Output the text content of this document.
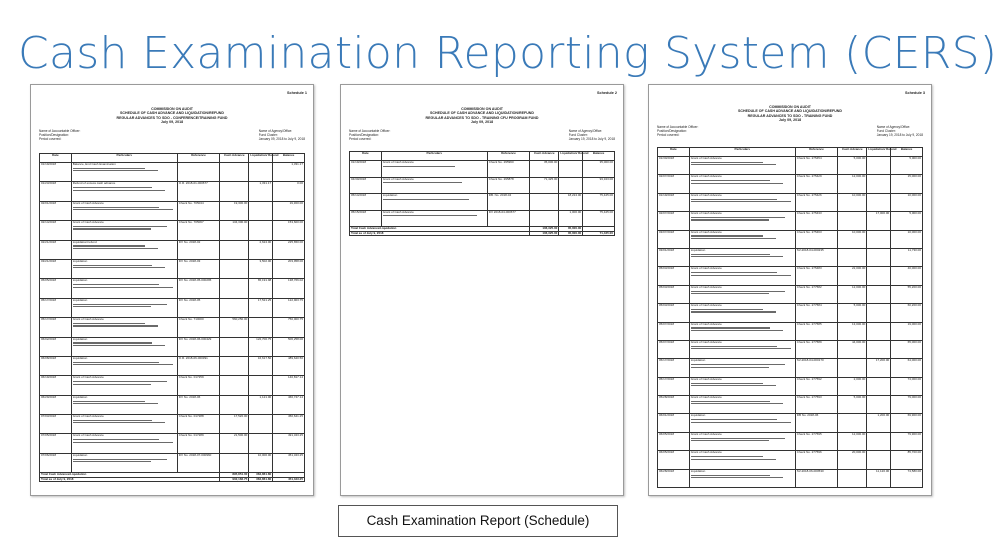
Cash Examination Reporting System (CERS)
Schedule 1
COMMISSION ON AUDIT
SCHEDULE OF CASH ADVANCE AND LIQUIDATION/REFUND
REGULAR ADVANCES TO SDO - CONFERENCE/TRAINING FUND
July 09, 2018
Name of Accountable Officer:
Position/Designation:
Period covered:
Name of Agency/Office:
Fund Cluster:
January 09, 2018 to July 9, 2018
Date	Particulars	Reference	Cash Advance	Liquidation/ Refund	Balance
01/19/2018	Balance, End Cash Examination				1,331.17
01/23/2018	Refund of excess cash advance	O.R. 2018-01-000677		1,331.17	0.00
02/01/2018	Grant of Cash Advance	Check No. 705044	19,300.00		19,300.00
02/14/2018	Grant of Cash Advance	Check No. 705067	134,300.00		153,600.00
02/21/2018	Liquidation/refund	DV No. 2018-02		2,624.00	225,650.00
03/21/2018	Liquidation	DV No. 2018-03		3,502.00	203,958.00
05/05/2018	Liquidation	DV No. 2018-05-000295		65,191.98	138,766.02
05/17/2018	Liquidation	DV No. 2018-05		17,521.25	122,903.75
05/17/2018	Grant of Cash Advance	Check No. 710000	560,250.00		750,000.75
06/02/2018	Liquidation	DV No. 2018-06-000429		122,700.75	506,258.00
06/08/2018	Liquidation	O.R. 2018-06-000391		16,617.50	489,640.50
06/19/2018	Grant of Cash Advance	Check No. 017259			140,817.14
06/29/2018	Liquidation	DV No. 2018-06		1,121.00	466,747.14
07/03/2018	Grant of Cash Advance	Check No. 017288	17,520.00		450,641.25
07/05/2018	Grant of Cash Advance	Check No. 017289	21,500.00		491,343.25
07/06/2018	Liquidation	DV No. 2018-07-000960		10,000.00	451,343.25
Total Cash Advance/Liquidation			895,851.00	384,861.80	
Total as of July 9, 2018			902,182.75	384,861.80	451,343.25
Schedule 2
COMMISSION ON AUDIT
SCHEDULE OF CASH ADVANCE AND LIQUIDATION/REFUND
REGULAR ADVANCES TO SDO - TRAINING CFU PROGRAM FUND
July 09, 2018
Name of Accountable Officer:
Position/Designation:
Period covered:
Name of Agency/Office:
Fund Cluster:
January 19, 2018 to July 9, 2018
Date	Particulars	Reference	Cash Advance	Liquidation/ Refund	Balance
01/19/2018	Grant of Cash Advance	Check No. 295960	35,000.00		35,000.00
04/30/2018	Grant of Cash Advance	Check No. 295878	71,425.00		93,323.00
05/14/2018	Liquidation	DB. No. 2018-04		18,224.00	75,425.00
05/15/2018	Grant of Cash Advance	DV 2018-04-000677		1,000.00	75,425.00
Total Cash Advance/Liquidation			106,325.00	35,000.00	
Total as of July 9, 2018			106,325.00	35,000.00	71,425.00
Schedule 3
COMMISSION ON AUDIT
SCHEDULE OF CASH ADVANCE AND LIQUIDATION/REFUND
REGULAR ADVANCES TO SDO - TRAINING FUND
July 09, 2018
Name of Accountable Officer:
Position/Designation:
Period covered:
Name of Agency/Office:
Fund Cluster:
January 19, 2018 to July 9, 2018
Date	Particulars	Reference	Cash Advance	Liquidation/ Refund	Balance
01/30/2018	Grant of Cash Advance	Check No. 275454	5,000.00		5,000.00
02/07/2018	Grant of Cash Advance	Check No. 275429	12,000.00		15,000.00
01/19/2018	Grant of Cash Advance	Check No. 275426	10,000.00		10,000.00
02/07/2018	Grant of Cash Advance	Check No. 275433		17,000.00	5,000.00
03/07/2018	Grant of Cash Advance	Check No. 275463	10,000.00		10,000.00
03/01/2018	Liquidation	SV-2018-04-000235			11,730.00
05/03/2018	Grant of Cash Advance	Check No. 275483	22,000.00		40,000.00
05/03/2018	Grant of Cash Advance	Check No. 277582	12,000.00		55,200.00
05/03/2018	Grant of Cash Advance	Check No. 277584	5,000.00		60,200.00
05/07/2018	Grant of Cash Advance	Check No. 277585	13,000.00		19,000.00
05/07/2018	Grant of Cash Advance	Check No. 277589	44,000.00		65,000.00
05/17/2018	Liquidation	SV-2018-04-000170		17,200.00	64,000.00
05/17/2018	Grant of Cash Advance	Check No. 277592	2,000.00		74,000.00
05/28/2018	Grant of Cash Advance	Check No. 277593	5,000.00		79,000.00
06/01/2018	Liquidation	DB No. 2018-06		1,200.00	69,900.00
06/05/2018	Grant of Cash Advance	Check No. 277595	12,000.00		79,900.00
06/05/2018	Grant of Cash Advance	Check No. 277596	20,000.00		85,700.00
06/28/2018	Liquidation	SV-2018-06-000530		11,120.00	74,580.00
Cash Examination Report (Schedule)
